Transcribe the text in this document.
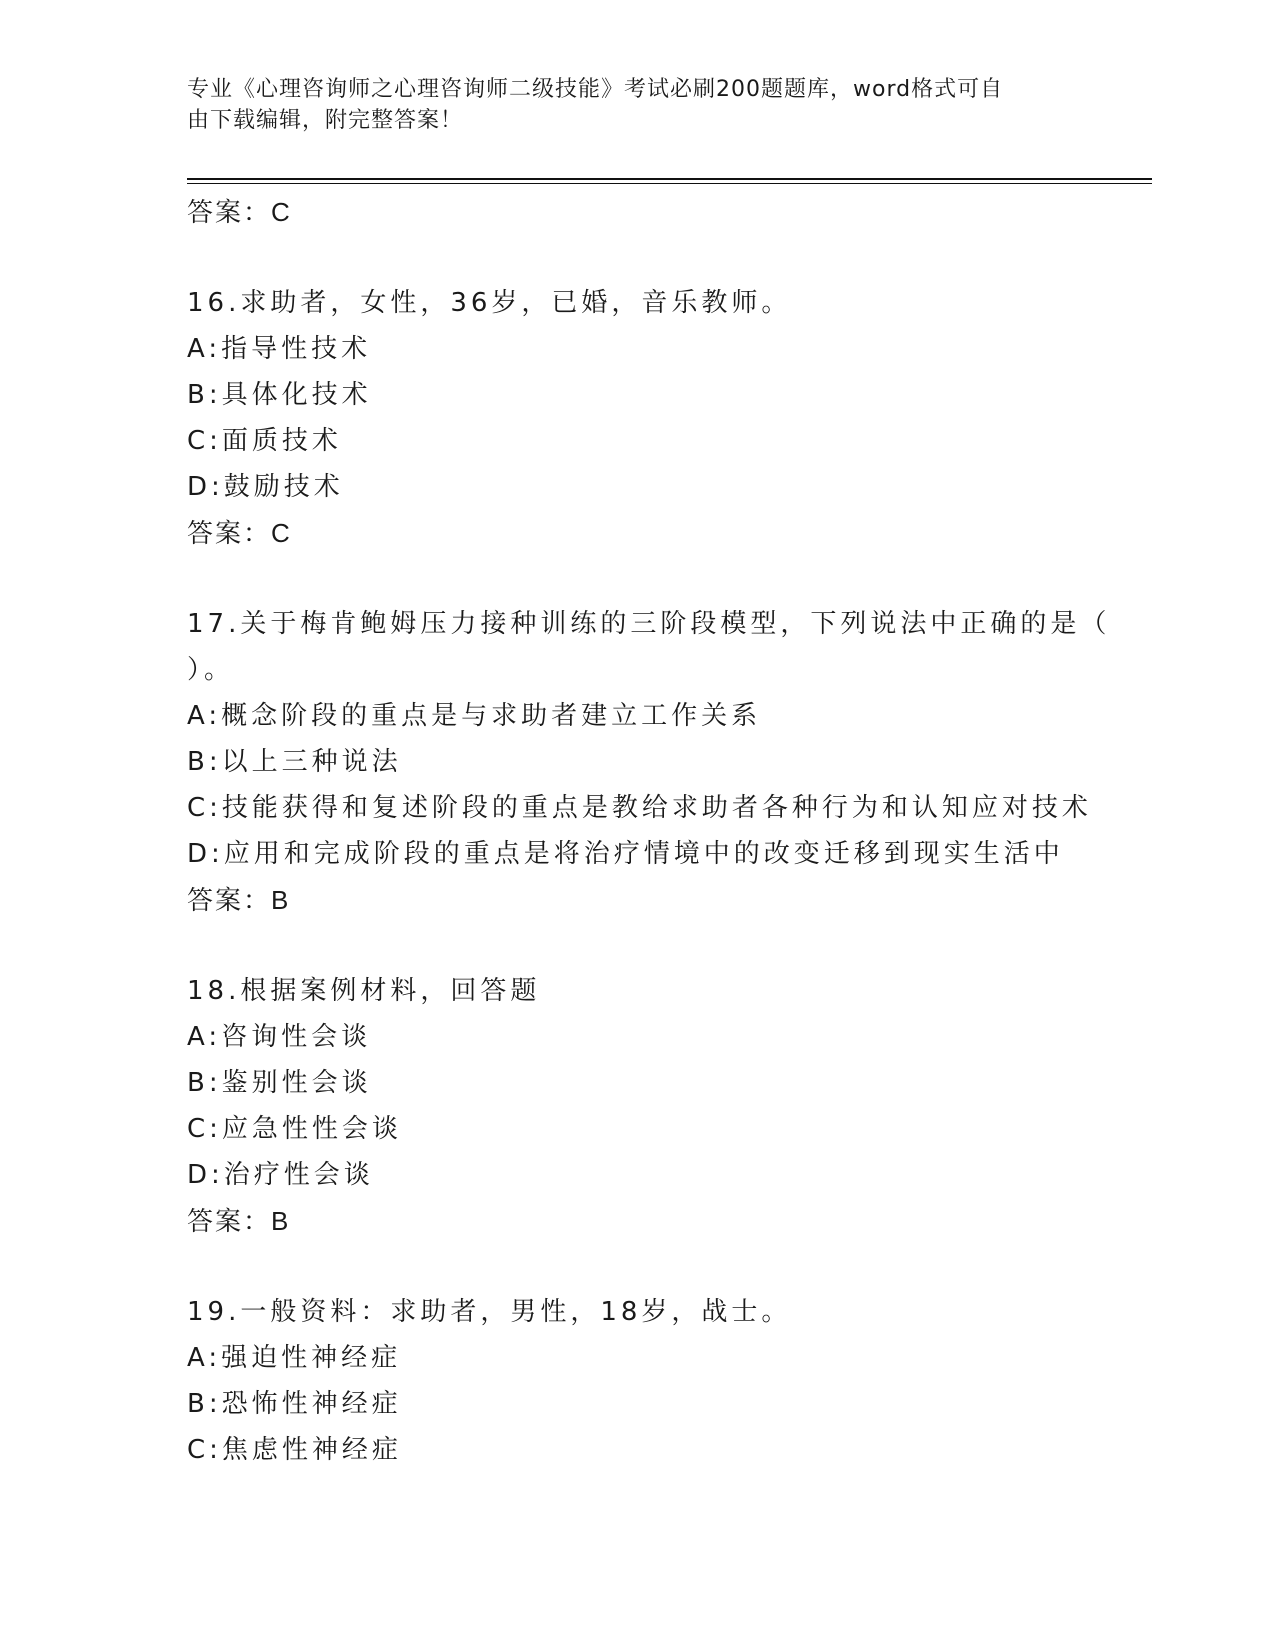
专业《心理咨询师之心理咨询师二级技能》考试必刷200题题库，word格式可自
由下载编辑，附完整答案！
答案：C
16.求助者，女性，36岁，已婚，音乐教师。
A:指导性技术
B:具体化技术
C:面质技术
D:鼓励技术
答案：C
17.关于梅肯鲍姆压力接种训练的三阶段模型，下列说法中正确的是（
）。
A:概念阶段的重点是与求助者建立工作关系
B:以上三种说法
C:技能获得和复述阶段的重点是教给求助者各种行为和认知应对技术
D:应用和完成阶段的重点是将治疗情境中的改变迁移到现实生活中
答案：B
18.根据案例材料，回答题
A:咨询性会谈
B:鉴别性会谈
C:应急性性会谈
D:治疗性会谈
答案：B
19.一般资料：求助者，男性，18岁，战士。
A:强迫性神经症
B:恐怖性神经症
C:焦虑性神经症
